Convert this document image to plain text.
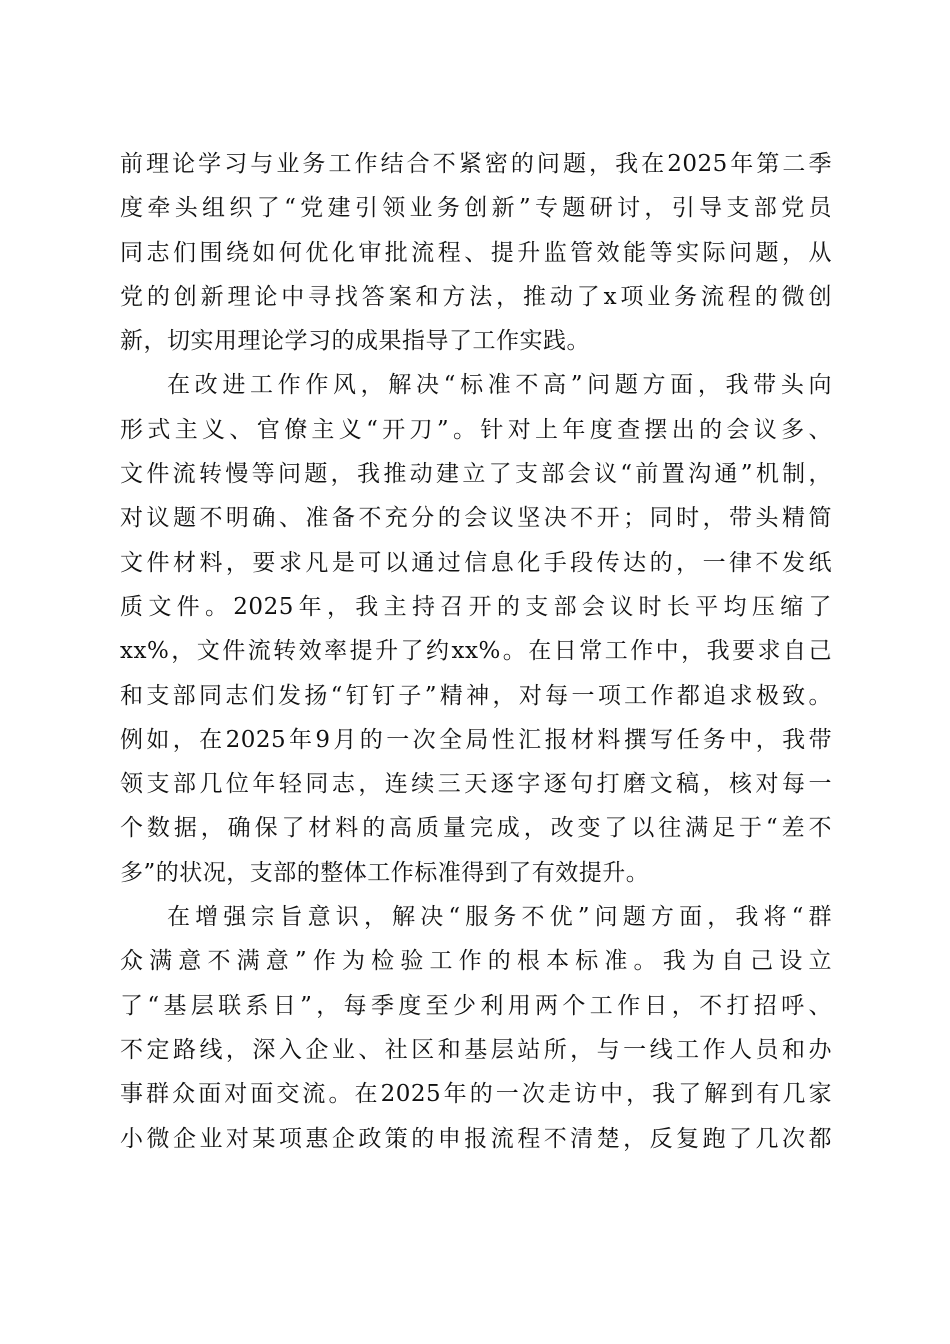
前理论学习与业务工作结合不紧密的问题，我在2025年第二季
度牵头组织了“党建引领业务创新”专题研讨，引导支部党员
同志们围绕如何优化审批流程、提升监管效能等实际问题，从
党的创新理论中寻找答案和方法，推动了x项业务流程的微创
新，切实用理论学习的成果指导了工作实践。
在改进工作作风，解决“标准不高”问题方面，我带头向
形式主义、官僚主义“开刀”。针对上年度查摆出的会议多、
文件流转慢等问题，我推动建立了支部会议“前置沟通”机制，
对议题不明确、准备不充分的会议坚决不开；同时，带头精简
文件材料，要求凡是可以通过信息化手段传达的，一律不发纸
质文件。2025年，我主持召开的支部会议时长平均压缩了
xx%，文件流转效率提升了约xx%。在日常工作中，我要求自己
和支部同志们发扬“钉钉子”精神，对每一项工作都追求极致。
例如，在2025年9月的一次全局性汇报材料撰写任务中，我带
领支部几位年轻同志，连续三天逐字逐句打磨文稿，核对每一
个数据，确保了材料的高质量完成，改变了以往满足于“差不
多”的状况，支部的整体工作标准得到了有效提升。
在增强宗旨意识，解决“服务不优”问题方面，我将“群
众满意不满意”作为检验工作的根本标准。我为自己设立
了“基层联系日”，每季度至少利用两个工作日，不打招呼、
不定路线，深入企业、社区和基层站所，与一线工作人员和办
事群众面对面交流。在2025年的一次走访中，我了解到有几家
小微企业对某项惠企政策的申报流程不清楚，反复跑了几次都
